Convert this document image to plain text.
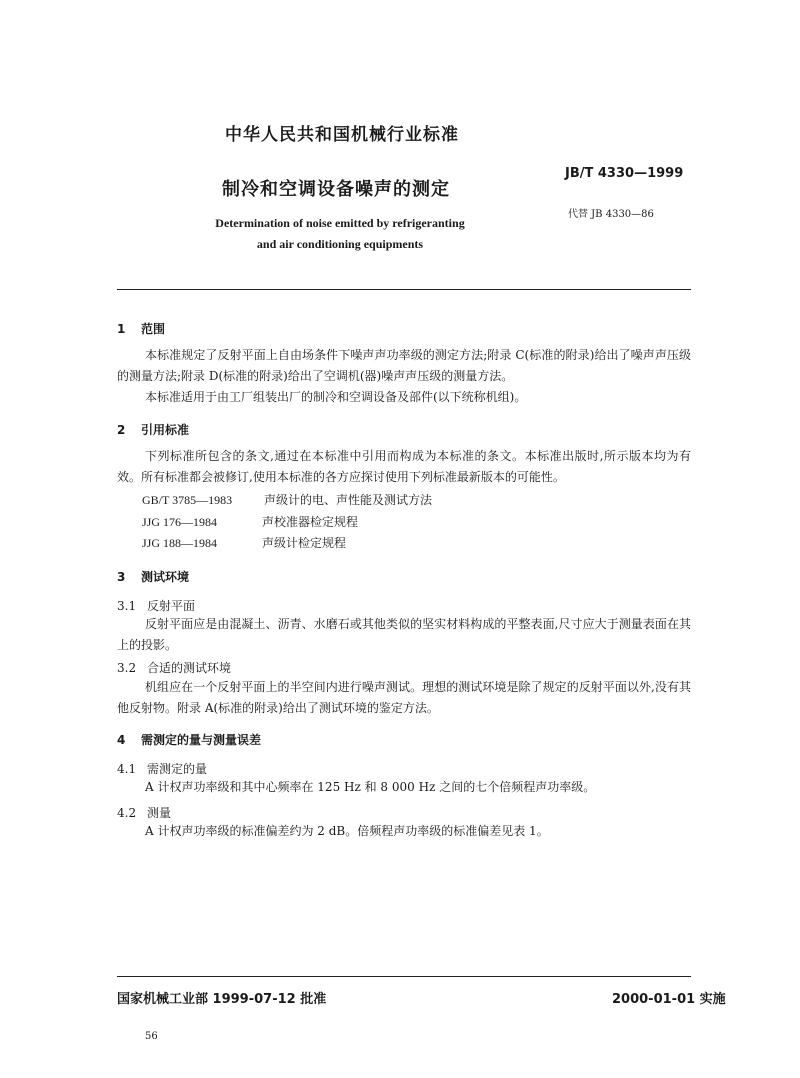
中华人民共和国机械行业标准
制冷和空调设备噪声的测定
JB/T 4330—1999
代替 JB 4330—86
Determination of noise emitted by refrigeranting
and air conditioning equipments
1 范围
本标准规定了反射平面上自由场条件下噪声声功率级的测定方法;附录 C(标准的附录)给出了噪声声压级的测量方法;附录 D(标准的附录)给出了空调机(器)噪声声压级的测量方法。
本标准适用于由工厂组装出厂的制冷和空调设备及部件(以下统称机组)。
2 引用标准
下列标准所包含的条文,通过在本标准中引用而构成为本标准的条文。本标准出版时,所示版本均为有效。所有标准都会被修订,使用本标准的各方应探讨使用下列标准最新版本的可能性。
GB/T 3785—1983	声级计的电、声性能及测试方法
JJG 176—1984	声校准器检定规程
JJG 188—1984	声级计检定规程
3 测试环境
3.1 反射平面
反射平面应是由混凝土、沥青、水磨石或其他类似的坚实材料构成的平整表面,尺寸应大于测量表面在其上的投影。
3.2 合适的测试环境
机组应在一个反射平面上的半空间内进行噪声测试。理想的测试环境是除了规定的反射平面以外,没有其他反射物。附录 A(标准的附录)给出了测试环境的鉴定方法。
4 需测定的量与测量误差
4.1 需测定的量
A 计权声功率级和其中心频率在 125 Hz 和 8 000 Hz 之间的七个倍频程声功率级。
4.2 测量
A 计权声功率级的标准偏差约为 2 dB。倍频程声功率级的标准偏差见表 1。
国家机械工业部 1999-07-12 批准	2000-01-01 实施
56
